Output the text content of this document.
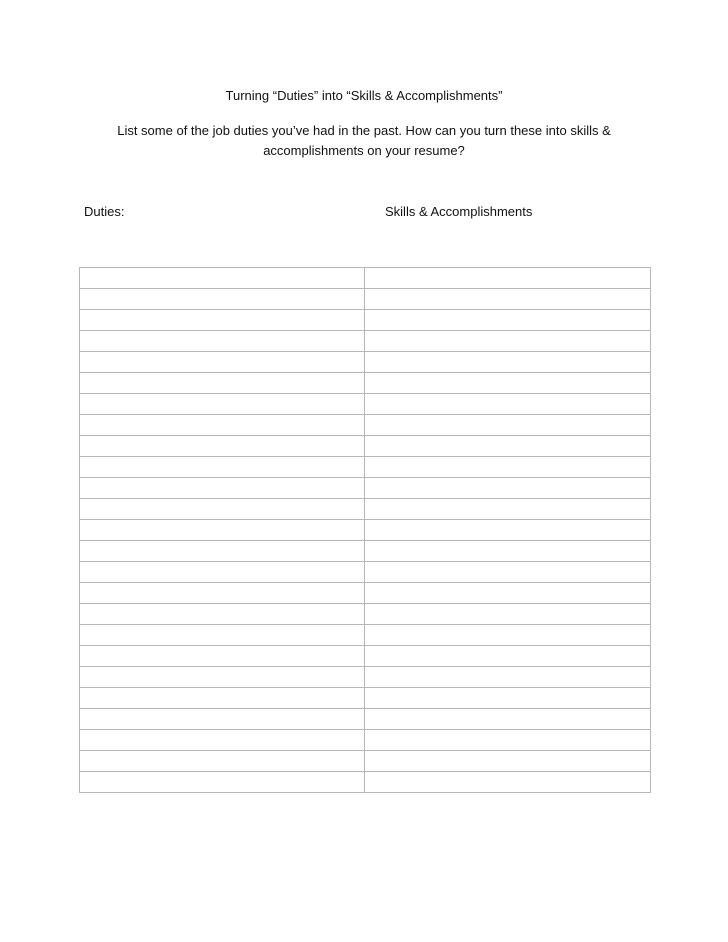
Turning “Duties” into “Skills & Accomplishments”
List some of the job duties you’ve had in the past. How can you turn these into skills & accomplishments on your resume?
Duties:	Skills & Accomplishments
